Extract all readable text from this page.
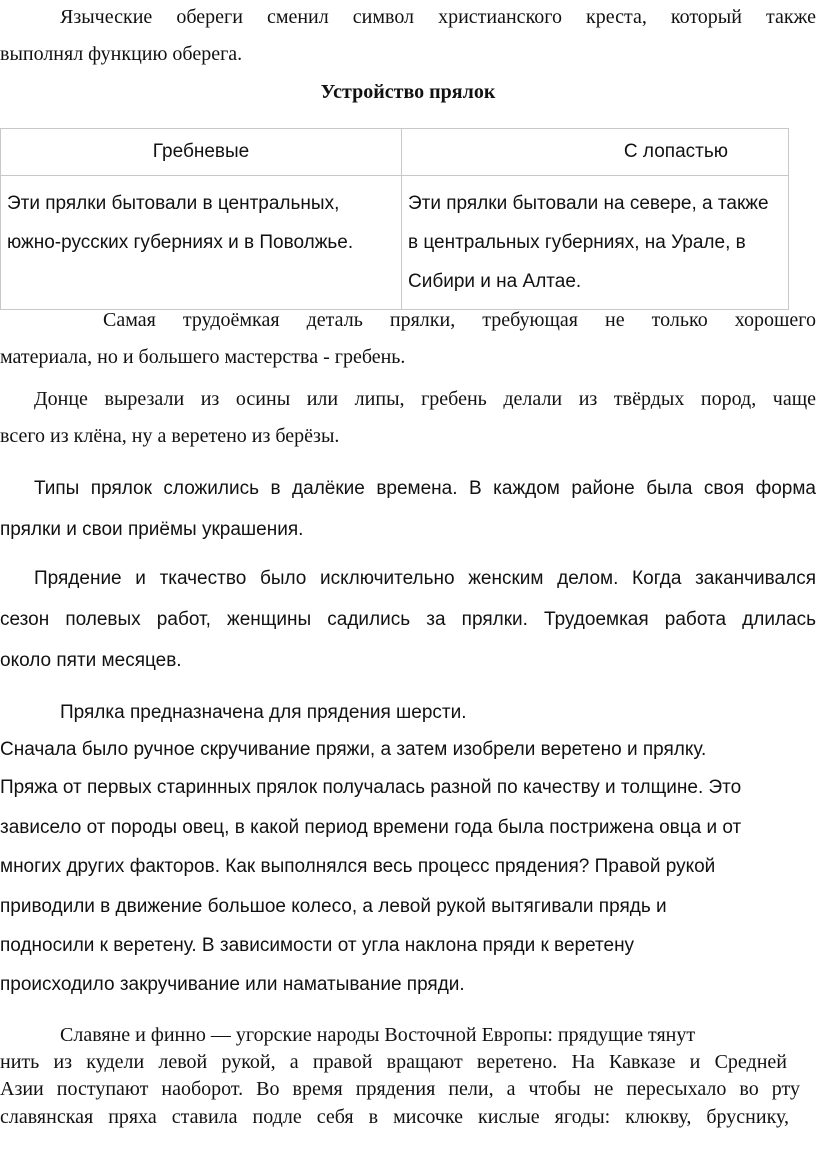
Языческие обереги сменил символ христианского креста, который также
выполнял функцию оберега.
Устройство прялок
Гребневые	С лопастью
Эти прялки бытовали в центральных, южно-русских губерниях и в Поволжье.	Эти прялки бытовали на севере, а также в центральных губерниях, на Урале, в Сибири и на Алтае.
Самая трудоёмкая деталь прялки, требующая не только хорошего
материала, но и большего мастерства - гребень.
Донце вырезали из осины или липы, гребень делали из твёрдых пород, чаще
всего из клёна, ну а веретено из берёзы.
Типы прялок сложились в далёкие времена. В каждом районе была своя форма
прялки и свои приёмы украшения.
Прядение и ткачество было исключительно женским делом. Когда заканчивался
сезон полевых работ, женщины садились за прялки. Трудоемкая работа длилась
около пяти месяцев.
Прялка предназначена для прядения шерсти.
Сначала было ручное скручивание пряжи, а затем изобрели веретено и прялку.
Пряжа от первых старинных прялок получалась разной по качеству и толщине. Это
зависело от породы овец, в какой период времени года была пострижена овца и от
многих других факторов. Как выполнялся весь процесс прядения? Правой рукой
приводили в движение большое колесо, а левой рукой вытягивали прядь и
подносили к веретену. В зависимости от угла наклона пряди к веретену
происходило закручивание или наматывание пряди.
Славяне и финно — угорские народы Восточной Европы: прядущие тянут
нить из кудели левой рукой, а правой вращают веретено. На Кавказе и Средней
Азии поступают наоборот. Во время прядения пели, а чтобы не пересыхало во рту
славянская пряха ставила подле себя в мисочке кислые ягоды: клюкву, бруснику,
